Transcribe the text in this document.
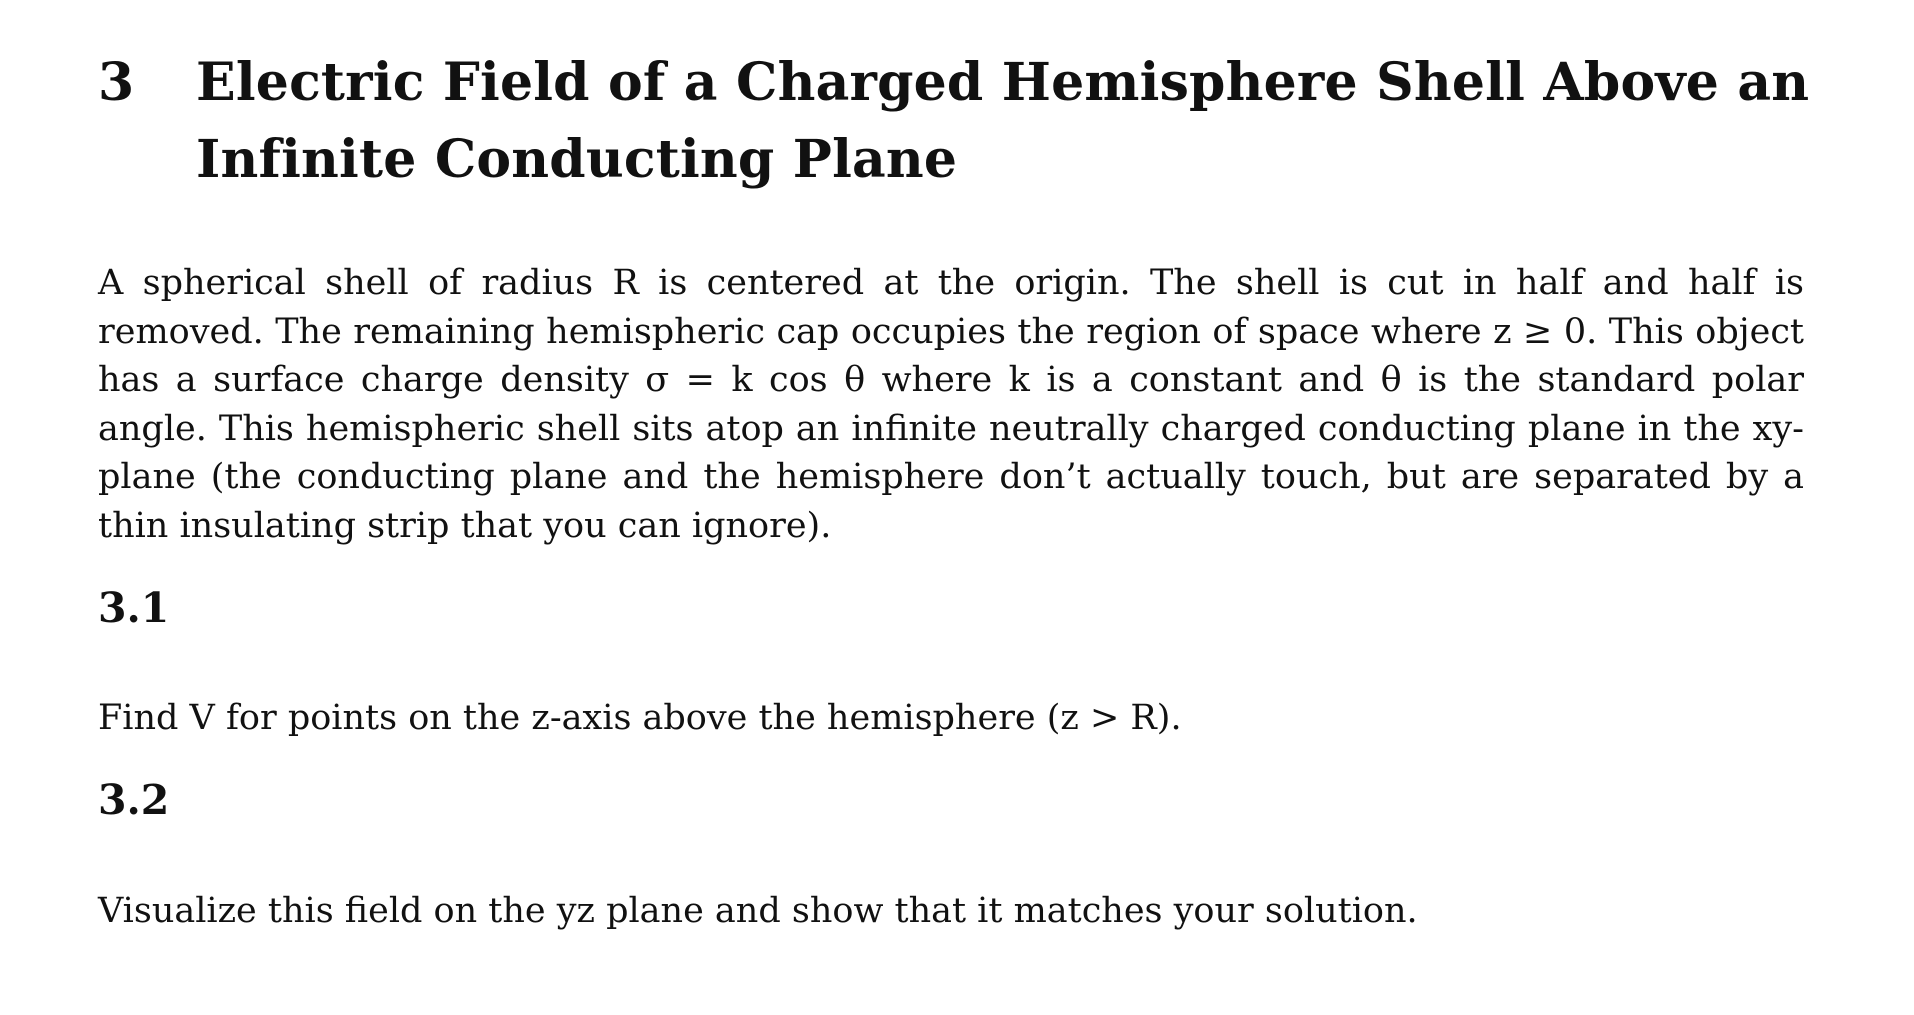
3	Electric Field of a Charged Hemisphere Shell Above an Infinite Conducting Plane

A spherical shell of radius R is centered at the origin. The shell is cut in half and half is removed. The remaining hemispheric cap occupies the region of space where z ≥ 0. This object has a surface charge density σ = k cos θ where k is a constant and θ is the standard polar angle. This hemispheric shell sits atop an infinite neutrally charged conducting plane in the xy-plane (the conducting plane and the hemisphere don’t actually touch, but are separated by a thin insulating strip that you can ignore).

3.1

Find V for points on the z-axis above the hemisphere (z > R).

3.2

Visualize this field on the yz plane and show that it matches your solution.
